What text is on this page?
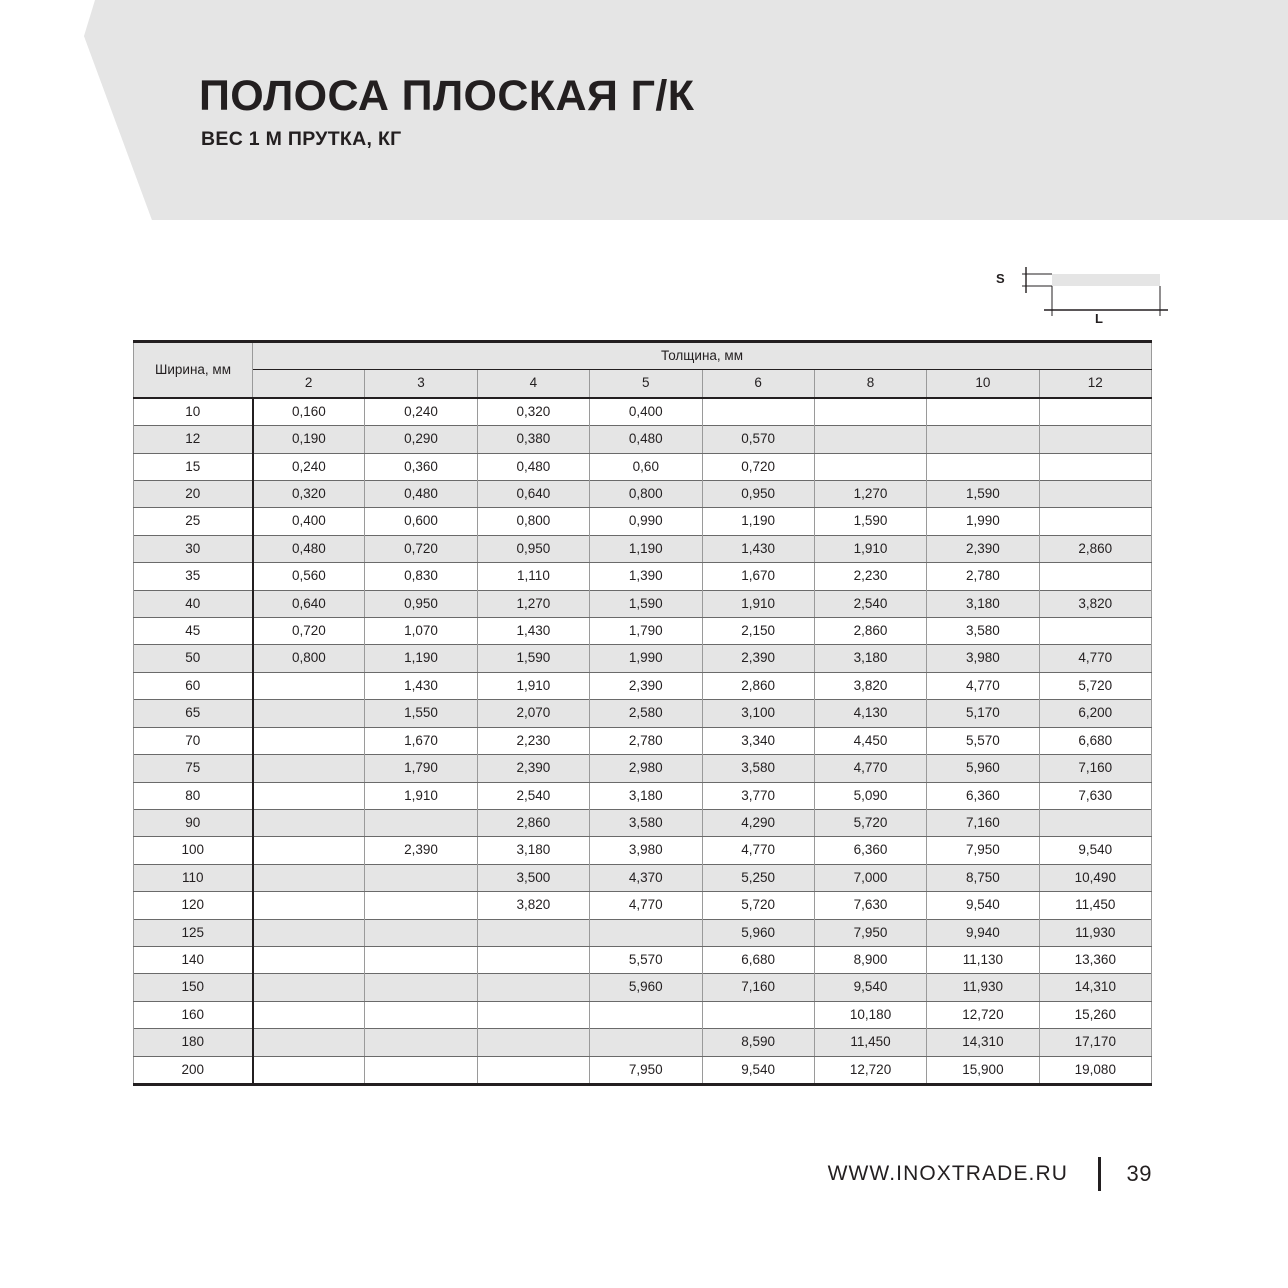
ПОЛОСА ПЛОСКАЯ Г/К
ВЕС 1 М ПРУТКА, КГ
S
L
Ширина, мм	Толщина, мм							
	2	3	4	5	6	8	10	12
10	0,160	0,240	0,320	0,400				
12	0,190	0,290	0,380	0,480	0,570			
15	0,240	0,360	0,480	0,60	0,720			
20	0,320	0,480	0,640	0,800	0,950	1,270	1,590	
25	0,400	0,600	0,800	0,990	1,190	1,590	1,990	
30	0,480	0,720	0,950	1,190	1,430	1,910	2,390	2,860
35	0,560	0,830	1,110	1,390	1,670	2,230	2,780	
40	0,640	0,950	1,270	1,590	1,910	2,540	3,180	3,820
45	0,720	1,070	1,430	1,790	2,150	2,860	3,580	
50	0,800	1,190	1,590	1,990	2,390	3,180	3,980	4,770
60		1,430	1,910	2,390	2,860	3,820	4,770	5,720
65		1,550	2,070	2,580	3,100	4,130	5,170	6,200
70		1,670	2,230	2,780	3,340	4,450	5,570	6,680
75		1,790	2,390	2,980	3,580	4,770	5,960	7,160
80		1,910	2,540	3,180	3,770	5,090	6,360	7,630
90			2,860	3,580	4,290	5,720	7,160	
100		2,390	3,180	3,980	4,770	6,360	7,950	9,540
110			3,500	4,370	5,250	7,000	8,750	10,490
120			3,820	4,770	5,720	7,630	9,540	11,450
125					5,960	7,950	9,940	11,930
140				5,570	6,680	8,900	11,130	13,360
150				5,960	7,160	9,540	11,930	14,310
160						10,180	12,720	15,260
180					8,590	11,450	14,310	17,170
200				7,950	9,540	12,720	15,900	19,080
WWW.INOXTRADE.RU	39
